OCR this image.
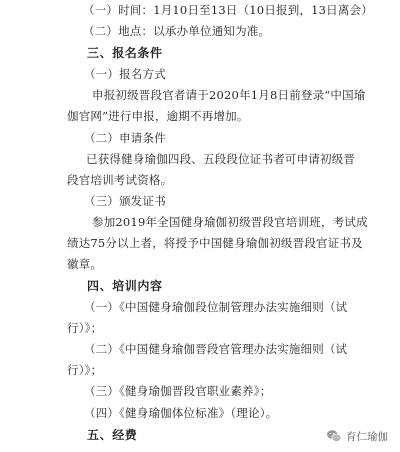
（一）时间：1月10日至13日（10日报到，13日离会）
（二）地点：以承办单位通知为准。
三、报名条件
（一）报名方式
申报初级晋段官者请于2020年1月8日前登录“中国瑜
伽官网”进行申报，逾期不再增加。
（二）申请条件
已获得健身瑜伽四段、五段段位证书者可申请初级晋
段官培训考试资格。
（三）颁发证书
参加2019年全国健身瑜伽初级晋段官培训班，考试成
绩达75分以上者，将授予中国健身瑜伽初级晋段官证书及
徽章。
四、培训内容
（一）《中国健身瑜伽段位制管理办法实施细则（试
行）》；
（二）《中国健身瑜伽晋段官管理办法实施细则（试
行）》；
（三）《健身瑜伽晋段官职业素养》；
（四）《健身瑜伽体位标准》（理论）。
五、经费	育仁瑜伽
